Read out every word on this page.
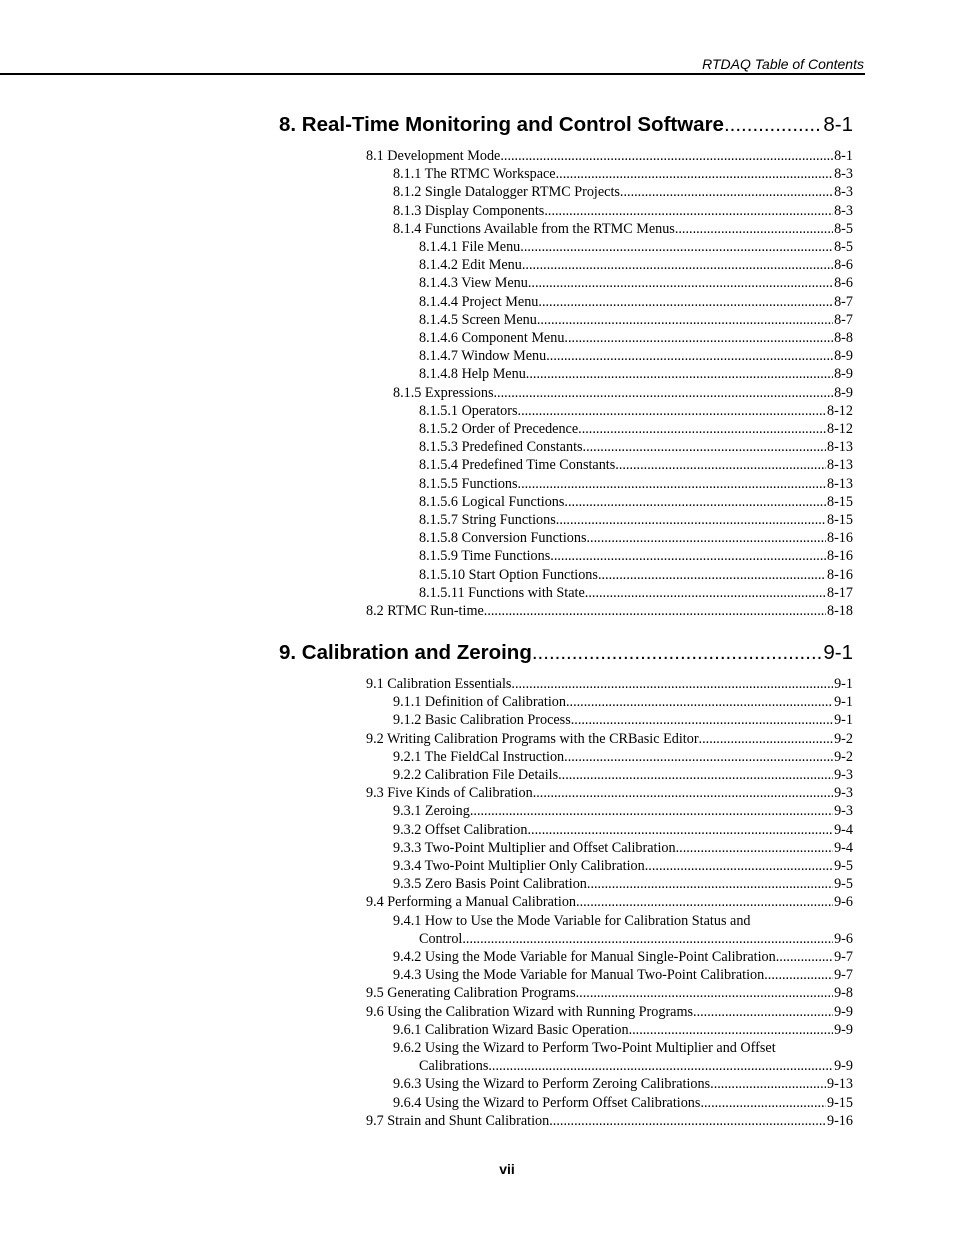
RTDAQ Table of Contents
8. Real-Time Monitoring and Control Software .....	8-1
8.1 Development Mode .....	8-1
8.1.1 The RTMC Workspace .....	8-3
8.1.2 Single Datalogger RTMC Projects .....	8-3
8.1.3 Display Components .....	8-3
8.1.4 Functions Available from the RTMC Menus .....	8-5
8.1.4.1 File Menu .....	8-5
8.1.4.2 Edit Menu .....	8-6
8.1.4.3 View Menu .....	8-6
8.1.4.4 Project Menu .....	8-7
8.1.4.5 Screen Menu .....	8-7
8.1.4.6 Component Menu .....	8-8
8.1.4.7 Window Menu .....	8-9
8.1.4.8 Help Menu .....	8-9
8.1.5 Expressions .....	8-9
8.1.5.1 Operators .....	8-12
8.1.5.2 Order of Precedence .....	8-12
8.1.5.3 Predefined Constants .....	8-13
8.1.5.4 Predefined Time Constants .....	8-13
8.1.5.5 Functions .....	8-13
8.1.5.6 Logical Functions .....	8-15
8.1.5.7 String Functions .....	8-15
8.1.5.8 Conversion Functions .....	8-16
8.1.5.9 Time Functions .....	8-16
8.1.5.10 Start Option Functions .....	8-16
8.1.5.11 Functions with State .....	8-17
8.2 RTMC Run-time .....	8-18
9. Calibration and Zeroing .....	9-1
9.1 Calibration Essentials .....	9-1
9.1.1 Definition of Calibration .....	9-1
9.1.2 Basic Calibration Process .....	9-1
9.2 Writing Calibration Programs with the CRBasic Editor .....	9-2
9.2.1 The FieldCal Instruction .....	9-2
9.2.2 Calibration File Details .....	9-3
9.3 Five Kinds of Calibration .....	9-3
9.3.1 Zeroing .....	9-3
9.3.2 Offset Calibration .....	9-4
9.3.3 Two-Point Multiplier and Offset Calibration .....	9-4
9.3.4 Two-Point Multiplier Only Calibration .....	9-5
9.3.5 Zero Basis Point Calibration .....	9-5
9.4 Performing a Manual Calibration .....	9-6
9.4.1 How to Use the Mode Variable for Calibration Status and
Control .....	9-6
9.4.2 Using the Mode Variable for Manual Single-Point Calibration .....	9-7
9.4.3 Using the Mode Variable for Manual Two-Point Calibration .....	9-7
9.5 Generating Calibration Programs .....	9-8
9.6 Using the Calibration Wizard with Running Programs .....	9-9
9.6.1 Calibration Wizard Basic Operation .....	9-9
9.6.2 Using the Wizard to Perform Two-Point Multiplier and Offset
Calibrations .....	9-9
9.6.3 Using the Wizard to Perform Zeroing Calibrations .....	9-13
9.6.4 Using the Wizard to Perform Offset Calibrations .....	9-15
9.7 Strain and Shunt Calibration .....	9-16
vii
